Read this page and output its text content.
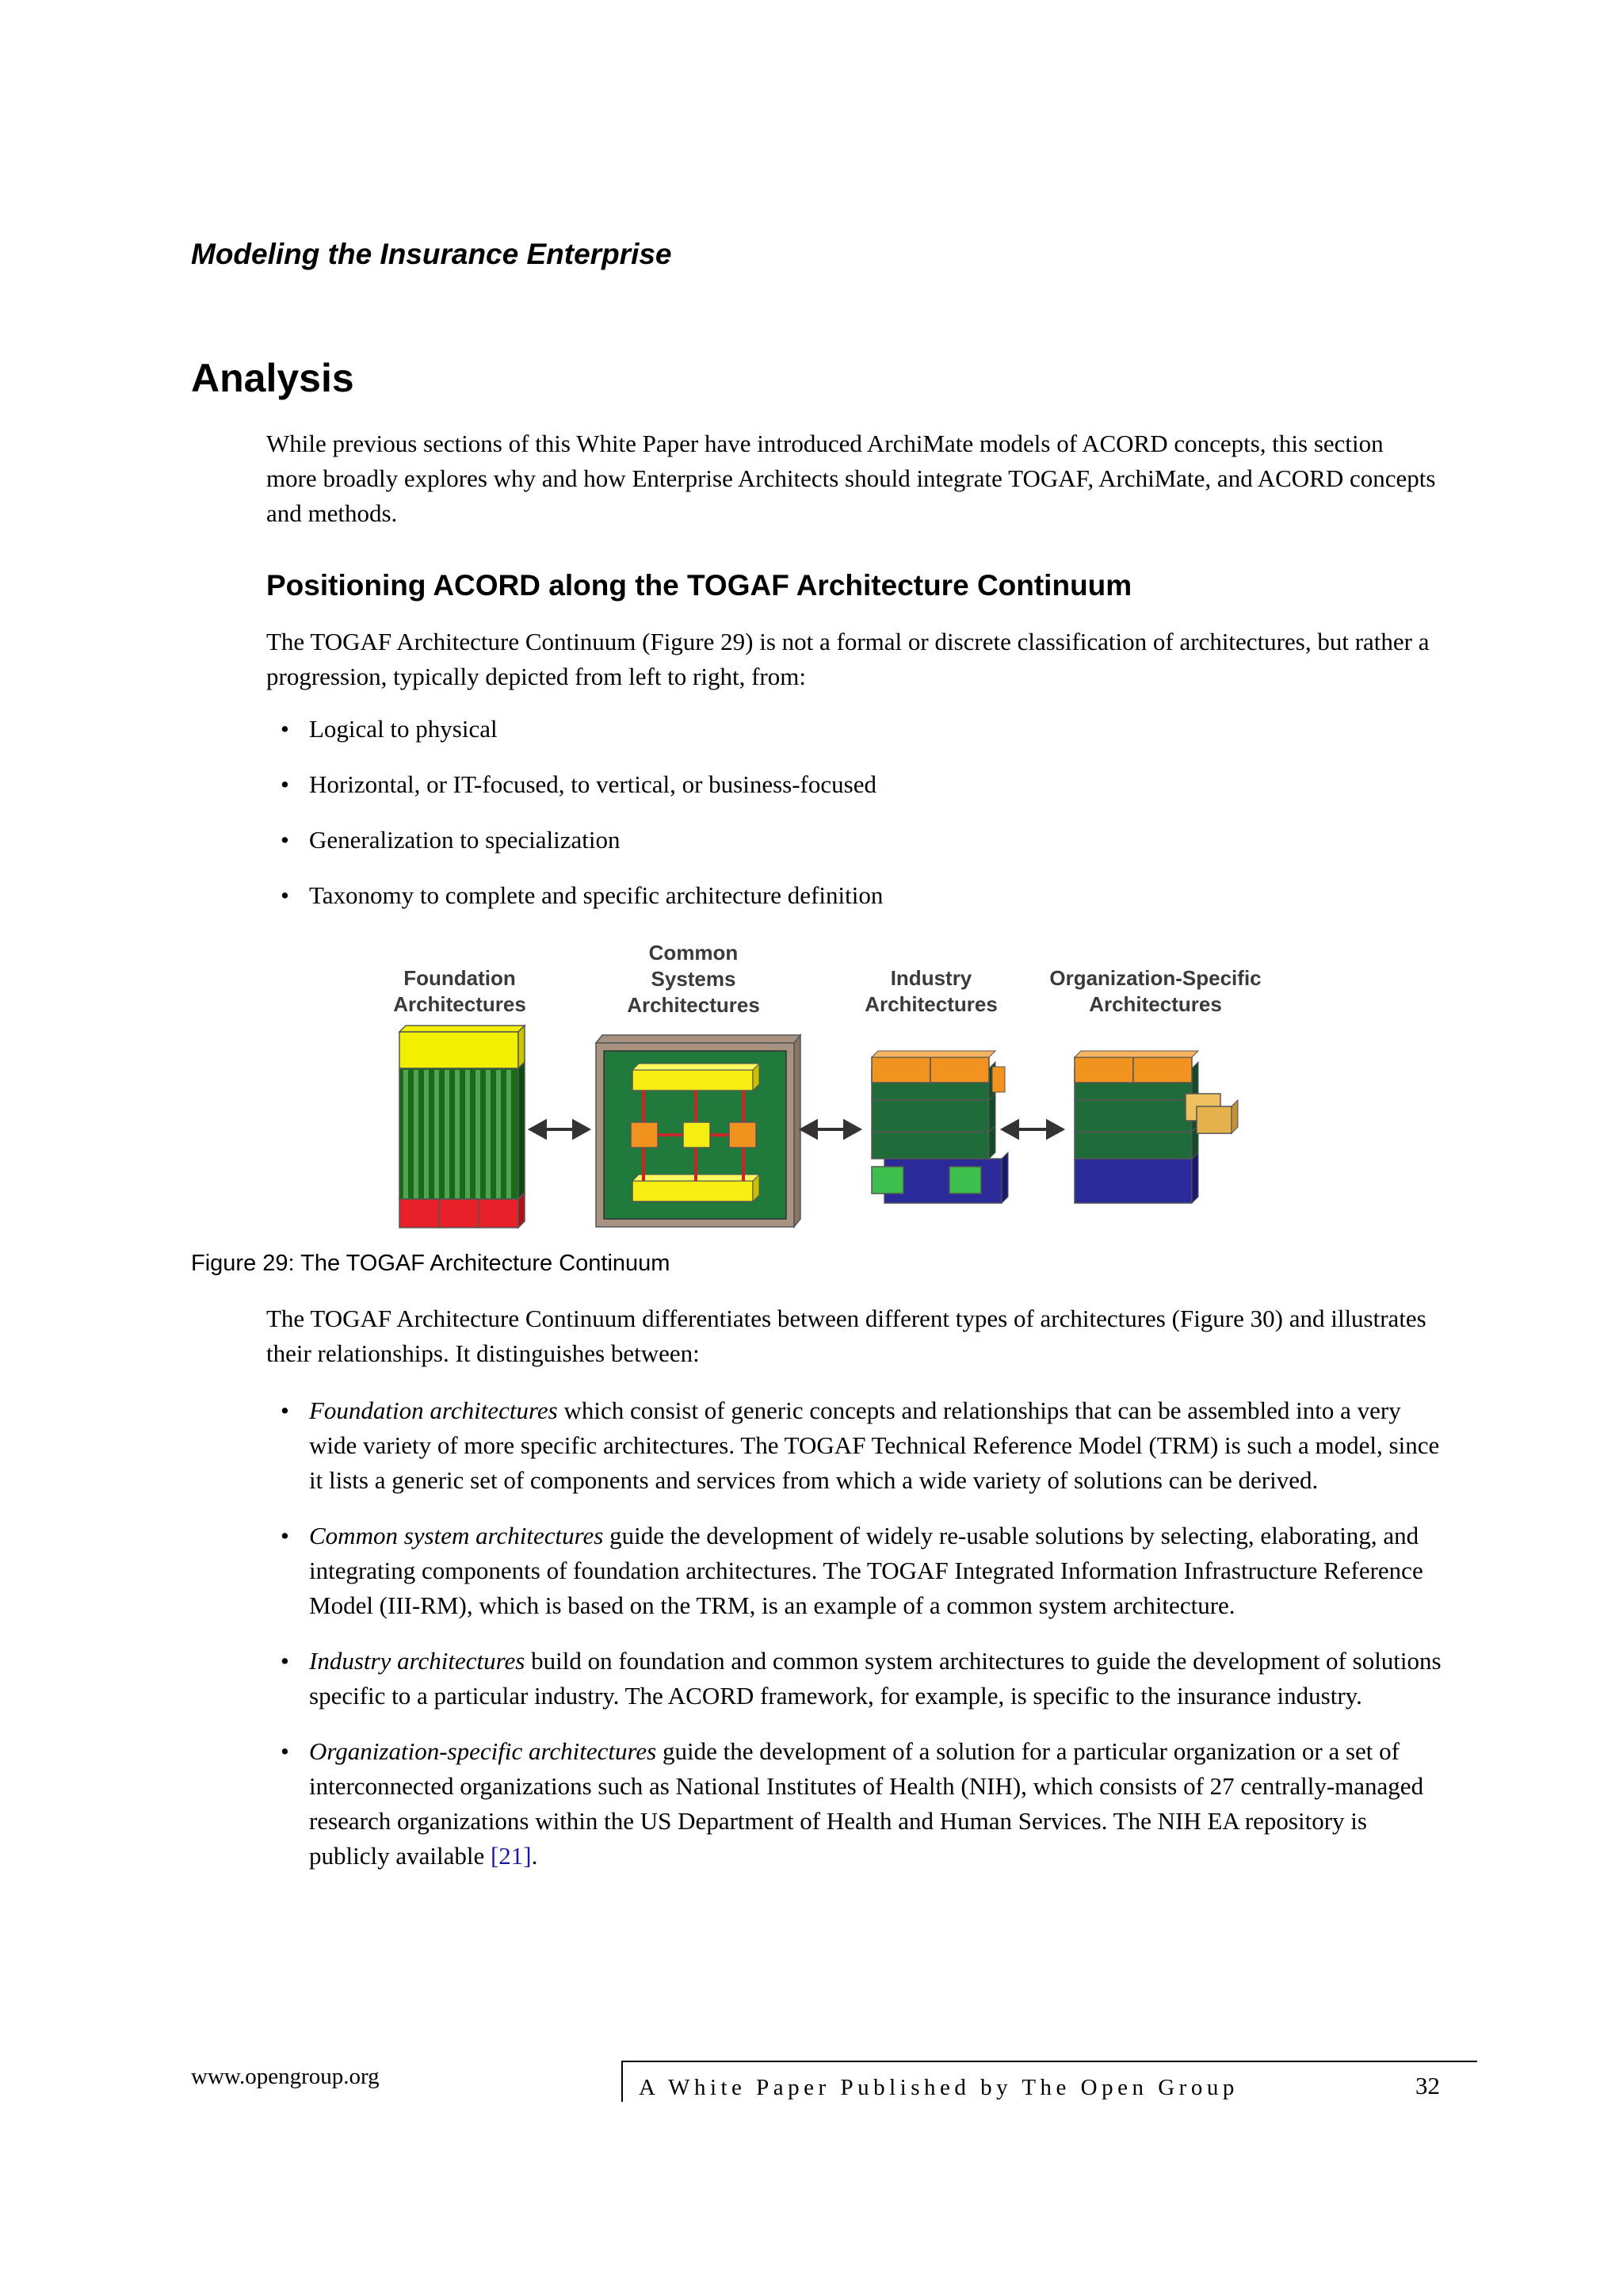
Modeling the Insurance Enterprise
Analysis

While previous sections of this White Paper have introduced ArchiMate models of ACORD concepts, this section more broadly explores why and how Enterprise Architects should integrate TOGAF, ArchiMate, and ACORD concepts and methods.

Positioning ACORD along the TOGAF Architecture Continuum

The TOGAF Architecture Continuum (Figure 29) is not a formal or discrete classification of architectures, but rather a progression, typically depicted from left to right, from:

• Logical to physical
• Horizontal, or IT-focused, to vertical, or business-focused
• Generalization to specialization
• Taxonomy to complete and specific architecture definition
Foundation
Architectures
Common
Systems
Architectures
Industry
Architectures
Organization-Specific
Architectures
Figure 29: The TOGAF Architecture Continuum

The TOGAF Architecture Continuum differentiates between different types of architectures (Figure 30) and illustrates their relationships. It distinguishes between:

• Foundation architectures which consist of generic concepts and relationships that can be assembled into a very wide variety of more specific architectures. The TOGAF Technical Reference Model (TRM) is such a model, since it lists a generic set of components and services from which a wide variety of solutions can be derived.
• Common system architectures guide the development of widely re-usable solutions by selecting, elaborating, and integrating components of foundation architectures. The TOGAF Integrated Information Infrastructure Reference Model (III-RM), which is based on the TRM, is an example of a common system architecture.
• Industry architectures build on foundation and common system architectures to guide the development of solutions specific to a particular industry. The ACORD framework, for example, is specific to the insurance industry.
• Organization-specific architectures guide the development of a solution for a particular organization or a set of interconnected organizations such as National Institutes of Health (NIH), which consists of 27 centrally-managed research organizations within the US Department of Health and Human Services. The NIH EA repository is publicly available [21].
www.opengroup.org	A White Paper Published by The Open Group	32
